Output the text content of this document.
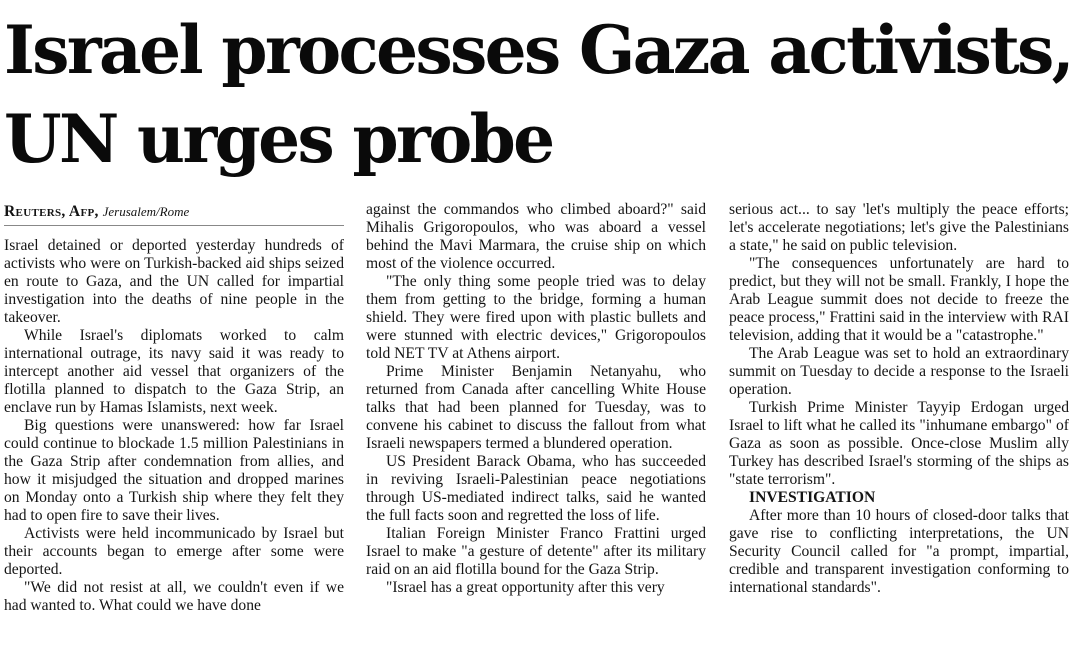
Israel processes Gaza activists, UN urges probe
Reuters, Afp, Jerusalem/Rome

Israel detained or deported yesterday hundreds of activists who were on Turkish-backed aid ships seized en route to Gaza, and the UN called for impartial investigation into the deaths of nine people in the takeover.

While Israel's diplomats worked to calm international outrage, its navy said it was ready to intercept another aid vessel that organizers of the flotilla planned to dispatch to the Gaza Strip, an enclave run by Hamas Islamists, next week.

Big questions were unanswered: how far Israel could continue to blockade 1.5 million Palestinians in the Gaza Strip after condemnation from allies, and how it misjudged the situation and dropped marines on Monday onto a Turkish ship where they felt they had to open fire to save their lives.

Activists were held incommunicado by Israel but their accounts began to emerge after some were deported.

"We did not resist at all, we couldn't even if we had wanted to. What could we have done

against the commandos who climbed aboard?" said Mihalis Grigoropoulos, who was aboard a vessel behind the Mavi Marmara, the cruise ship on which most of the violence occurred.

"The only thing some people tried was to delay them from getting to the bridge, forming a human shield. They were fired upon with plastic bullets and were stunned with electric devices," Grigoropoulos told NET TV at Athens airport.

Prime Minister Benjamin Netanyahu, who returned from Canada after cancelling White House talks that had been planned for Tuesday, was to convene his cabinet to discuss the fallout from what Israeli newspapers termed a blundered operation.

US President Barack Obama, who has succeeded in reviving Israeli-Palestinian peace negotiations through US-mediated indirect talks, said he wanted the full facts soon and regretted the loss of life.

Italian Foreign Minister Franco Frattini urged Israel to make "a gesture of detente" after its military raid on an aid flotilla bound for the Gaza Strip.

"Israel has a great opportunity after this very

serious act... to say 'let's multiply the peace efforts; let's accelerate negotiations; let's give the Palestinians a state," he said on public television.

"The consequences unfortunately are hard to predict, but they will not be small. Frankly, I hope the Arab League summit does not decide to freeze the peace process," Frattini said in the interview with RAI television, adding that it would be a "catastrophe."

The Arab League was set to hold an extraordinary summit on Tuesday to decide a response to the Israeli operation.

Turkish Prime Minister Tayyip Erdogan urged Israel to lift what he called its "inhumane embargo" of Gaza as soon as possible. Once-close Muslim ally Turkey has described Israel's storming of the ships as "state terrorism".

INVESTIGATION

After more than 10 hours of closed-door talks that gave rise to conflicting interpretations, the UN Security Council called for "a prompt, impartial, credible and transparent investigation conforming to international standards".
